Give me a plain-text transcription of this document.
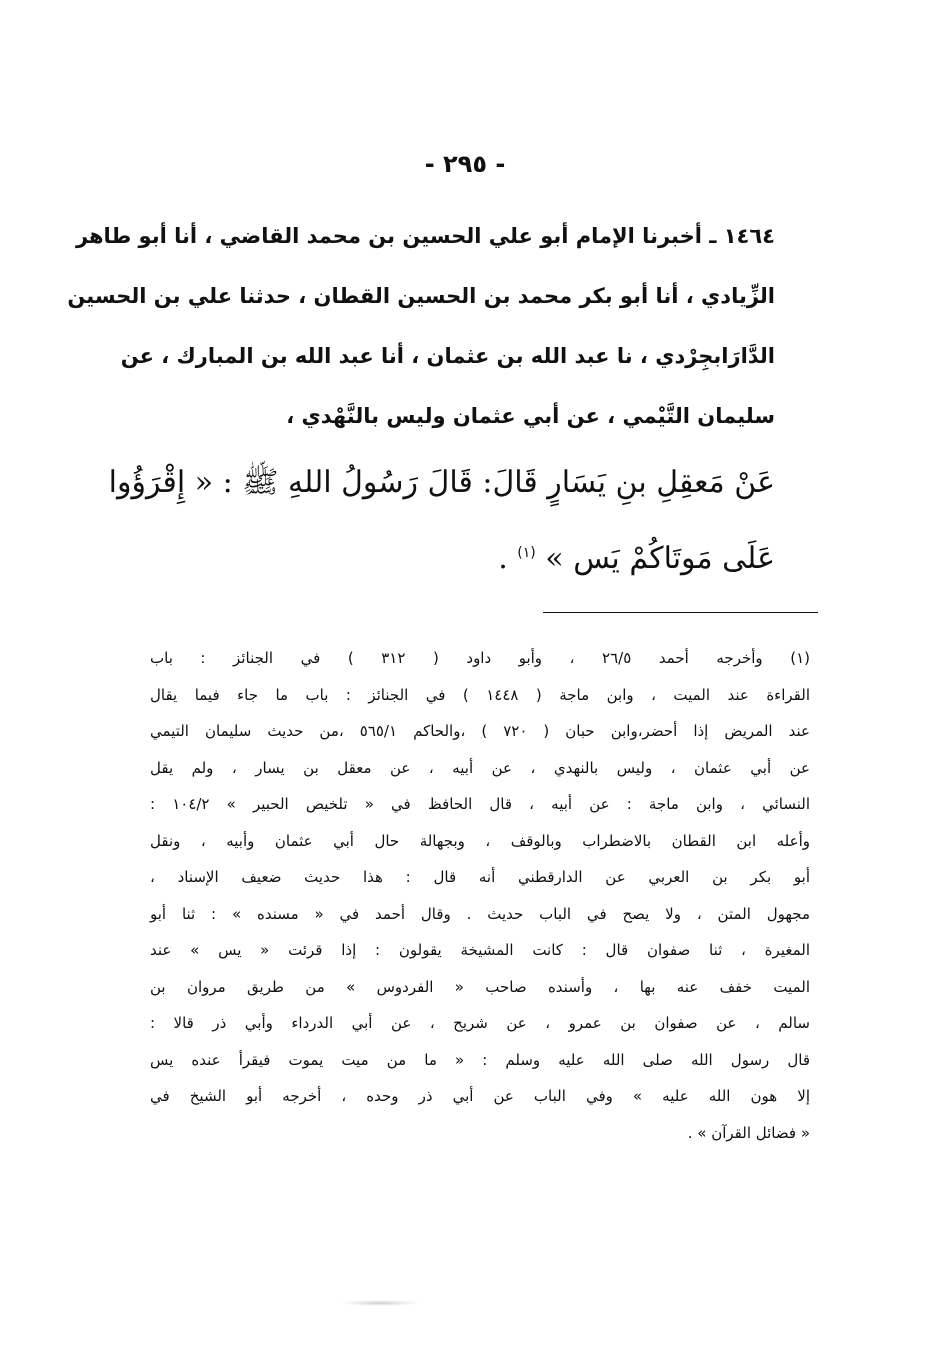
- ٢٩٥ -
١٤٦٤ ـ أخبرنا الإمام أبو علي الحسين بن محمد القاضي ، أنا أبو طاهر
الزِّيادي ، أنا أبو بكر محمد بن الحسين القطان ، حدثنا علي بن الحسين
الدَّارَابجِرْدي ، نا عبد الله بن عثمان ، أنا عبد الله بن المبارك ، عن
سليمان التَّيْمي ، عن أبي عثمان وليس بالنَّهْدي ،
عَنْ مَعقِلِ بنِ يَسَارٍ قَالَ: قَالَ رَسُولُ اللهِ ﷺ : « إِقْرَؤُوا
عَلَى مَوتَاكُمْ يَس » $^{(١)}$ .
(١) وأخرجه أحمد ٢٦/٥ ، وأبو داود ( ٣١٢ ) في الجنائز : باب
القراءة عند الميت ، وابن ماجة ( ١٤٤٨ ) في الجنائز : باب ما جاء فيما يقال
عند المريض إذا أحضر،وابن حبان ( ٧٢٠ ) ،والحاكم ٥٦٥/١ ،من حديث سليمان التيمي
عن أبي عثمان ، وليس بالنهدي ، عن أبيه ، عن معقل بن يسار ، ولم يقل
النسائي ، وابن ماجة : عن أبيه ، قال الحافظ في « تلخيص الحبير » ١٠٤/٢ :
وأعله ابن القطان بالاضطراب وبالوقف ، وبجهالة حال أبي عثمان وأبيه ، ونقل
أبو بكر بن العربي عن الدارقطني أنه قال : هذا حديث ضعيف الإسناد ،
مجهول المتن ، ولا يصح في الباب حديث . وقال أحمد في « مسنده » : ثنا أبو
المغيرة ، ثنا صفوان قال : كانت المشيخة يقولون : إذا قرئت « يس » عند
الميت خفف عنه بها ، وأسنده صاحب « الفردوس » من طريق مروان بن
سالم ، عن صفوان بن عمرو ، عن شريح ، عن أبي الدرداء وأبي ذر قالا :
قال رسول الله صلى الله عليه وسلم : « ما من ميت يموت فيقرأ عنده يس
إلا هون الله عليه » وفي الباب عن أبي ذر وحده ، أخرجه أبو الشيخ في
« فضائل القرآن » .
